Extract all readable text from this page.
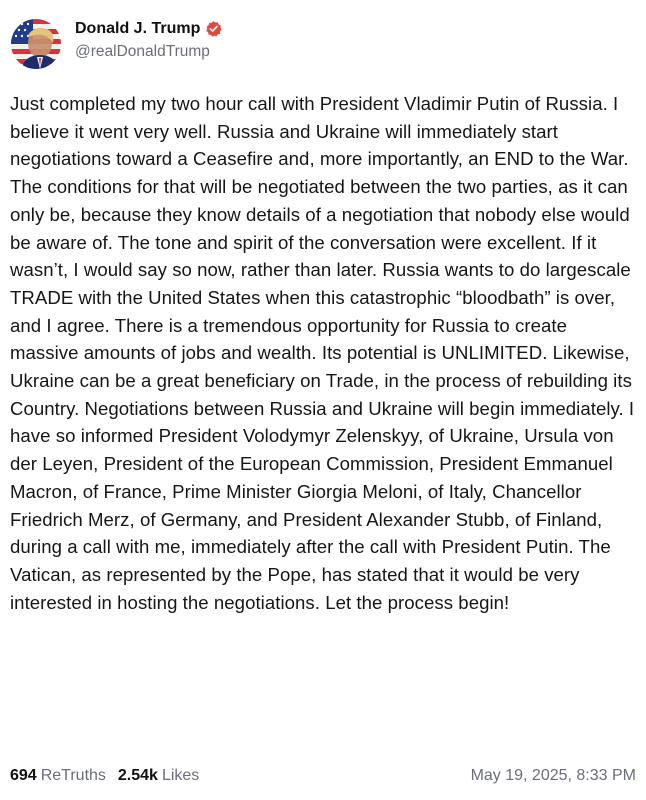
Donald J. Trump
@realDonaldTrump
Just completed my two hour call with President Vladimir Putin of Russia. I believe it went very well. Russia and Ukraine will immediately start negotiations toward a Ceasefire and, more importantly, an END to the War. The conditions for that will be negotiated between the two parties, as it can only be, because they know details of a negotiation that nobody else would be aware of. The tone and spirit of the conversation were excellent. If it wasn’t, I would say so now, rather than later. Russia wants to do largescale TRADE with the United States when this catastrophic “bloodbath” is over, and I agree. There is a tremendous opportunity for Russia to create massive amounts of jobs and wealth. Its potential is UNLIMITED. Likewise, Ukraine can be a great beneficiary on Trade, in the process of rebuilding its Country. Negotiations between Russia and Ukraine will begin immediately. I have so informed President Volodymyr Zelenskyy, of Ukraine, Ursula von der Leyen, President of the European Commission, President Emmanuel Macron, of France, Prime Minister Giorgia Meloni, of Italy, Chancellor Friedrich Merz, of Germany, and President Alexander Stubb, of Finland, during a call with me, immediately after the call with President Putin. The Vatican, as represented by the Pope, has stated that it would be very interested in hosting the negotiations. Let the process begin!
694 ReTruths 2.54k Likes	May 19, 2025, 8:33 PM
